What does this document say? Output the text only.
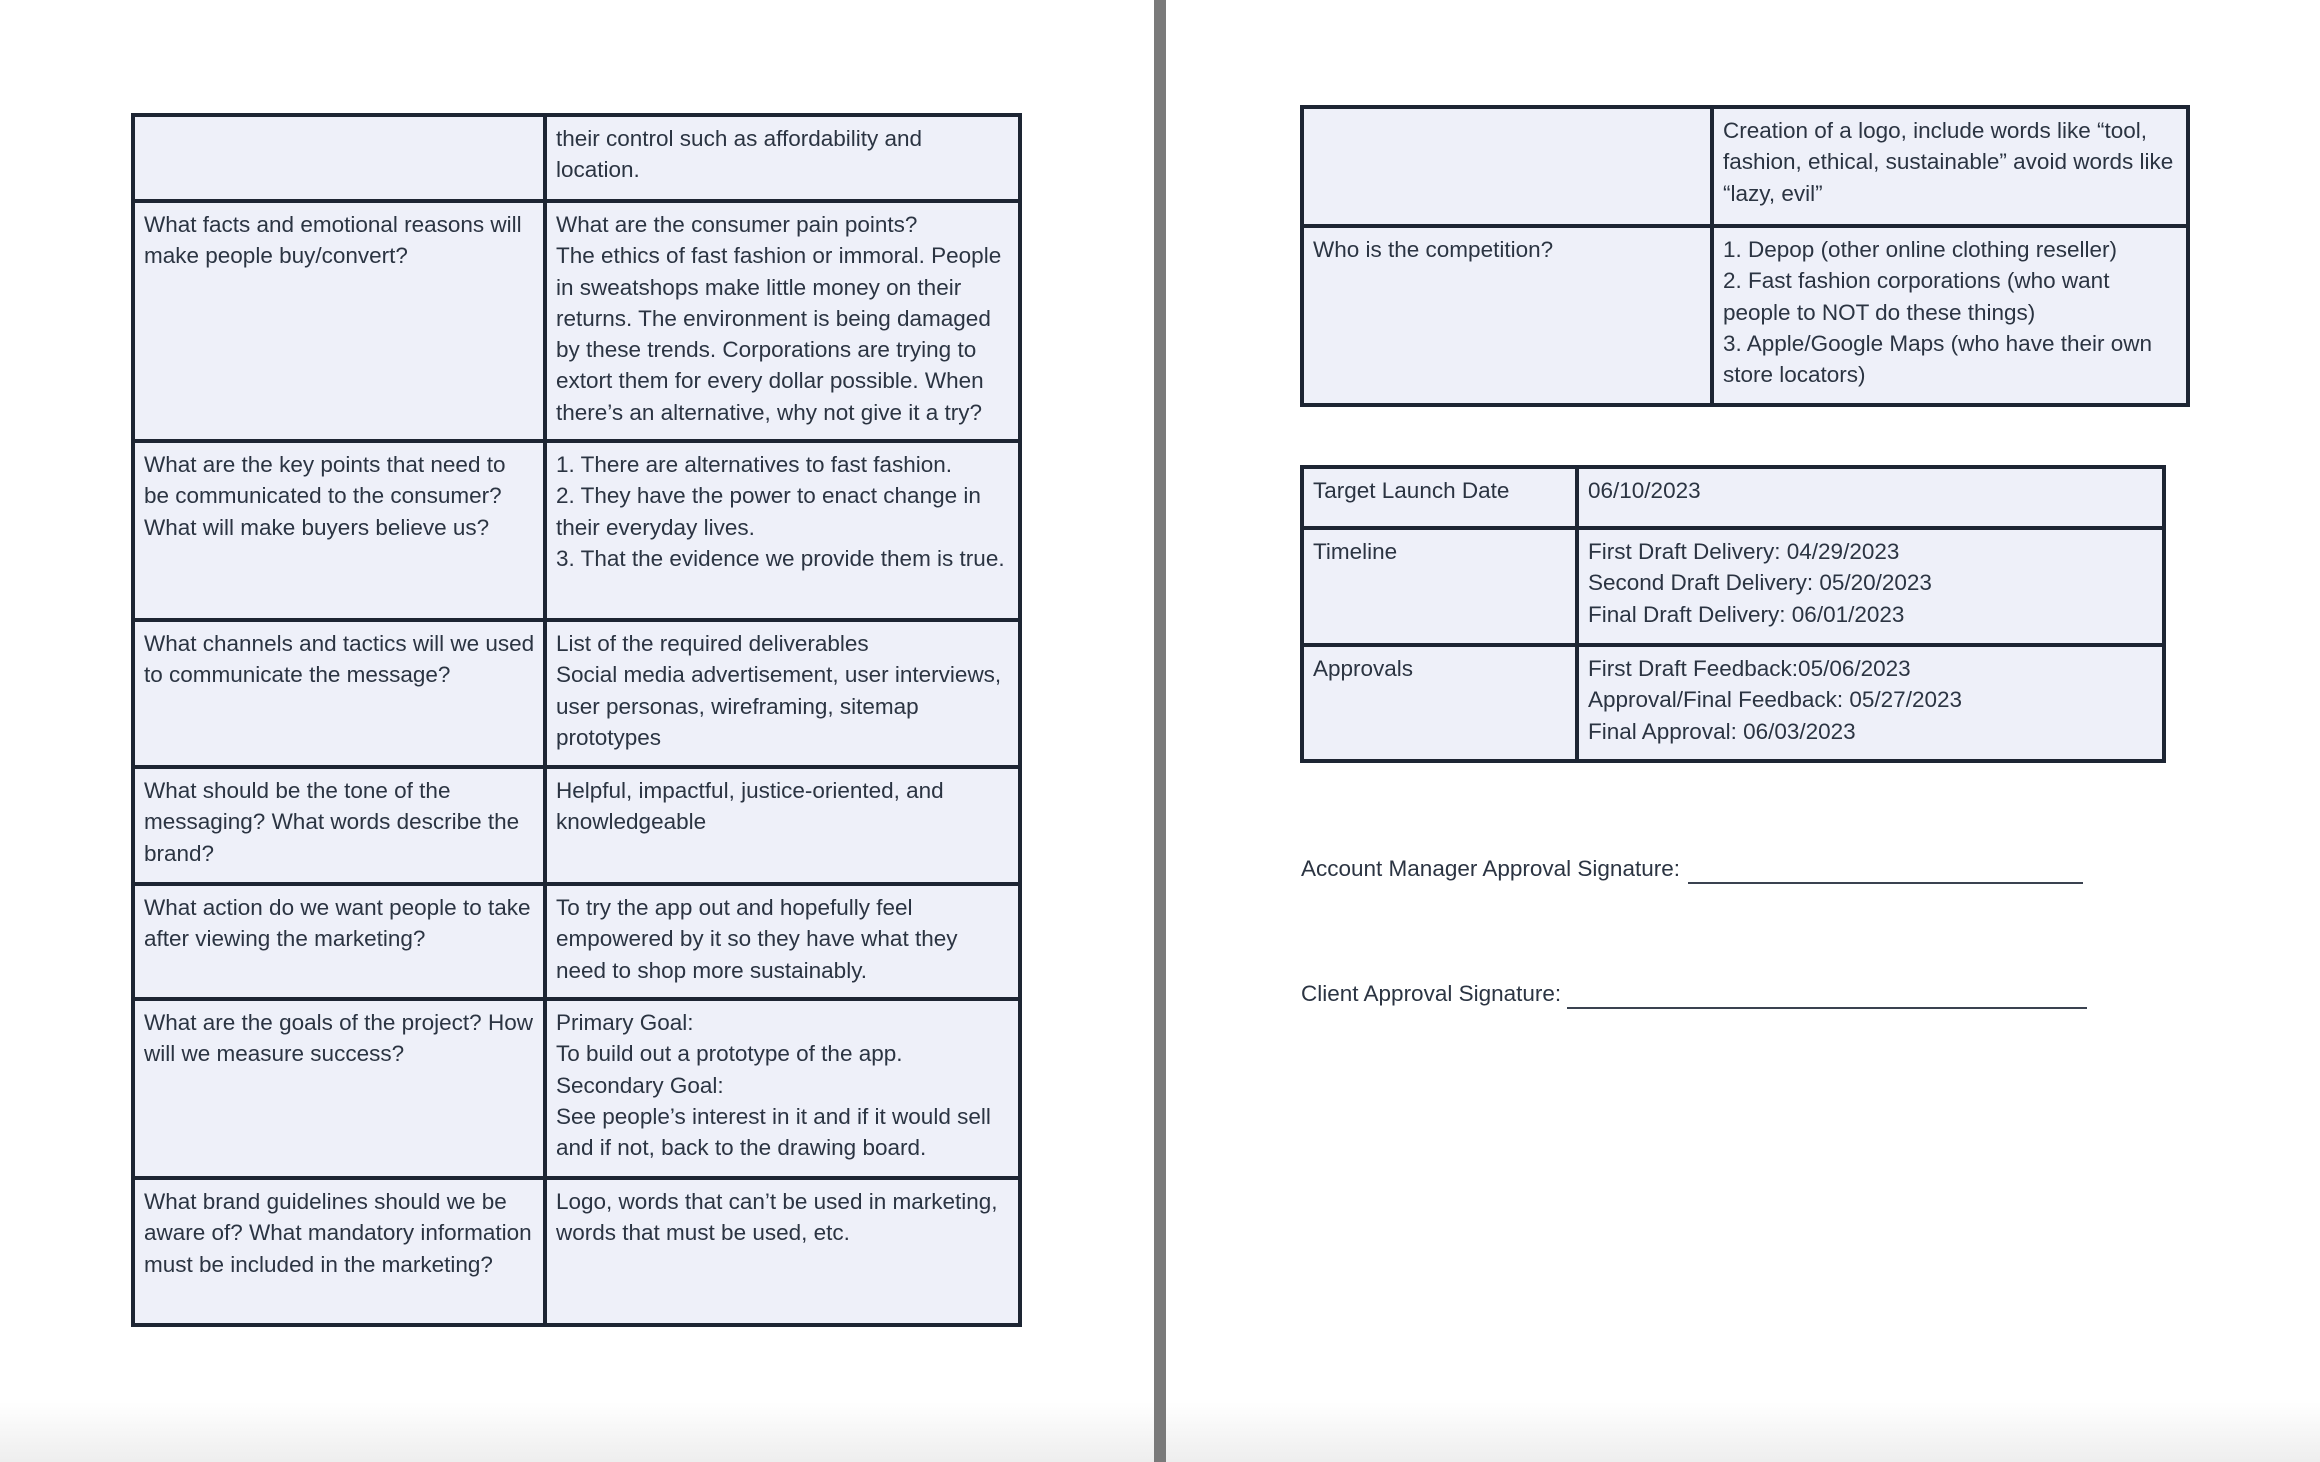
	their control such as affordability and location.

What facts and emotional reasons will make people buy/convert?	What are the consumer pain points?
The ethics of fast fashion or immoral. People in sweatshops make little money on their returns. The environment is being damaged by these trends. Corporations are trying to extort them for every dollar possible. When there’s an alternative, why not give it a try?

What are the key points that need to be communicated to the consumer? What will make buyers believe us?	1. There are alternatives to fast fashion.
2. They have the power to enact change in their everyday lives.
3. That the evidence we provide them is true.

What channels and tactics will we used to communicate the message?	List of the required deliverables
Social media advertisement, user interviews, user personas, wireframing, sitemap prototypes

What should be the tone of the messaging? What words describe the brand?	Helpful, impactful, justice-oriented, and knowledgeable

What action do we want people to take after viewing the marketing?	To try the app out and hopefully feel empowered by it so they have what they need to shop more sustainably.

What are the goals of the project? How will we measure success?	Primary Goal:
To build out a prototype of the app.
Secondary Goal:
See people’s interest in it and if it would sell and if not, back to the drawing board.

What brand guidelines should we be aware of? What mandatory information must be included in the marketing?	Logo, words that can’t be used in marketing, words that must be used, etc.

	Creation of a logo, include words like “tool, fashion, ethical, sustainable” avoid words like “lazy, evil”

Who is the competition?	1. Depop (other online clothing reseller)
2. Fast fashion corporations (who want people to NOT do these things)
3. Apple/Google Maps (who have their own store locators)
Target Launch Date	06/10/2023

Timeline	First Draft Delivery: 04/29/2023
Second Draft Delivery: 05/20/2023
Final Draft Delivery: 06/01/2023

Approvals	First Draft Feedback:05/06/2023
Approval/Final Feedback: 05/27/2023
Final Approval: 06/03/2023
Account Manager Approval Signature:
Client Approval Signature:
